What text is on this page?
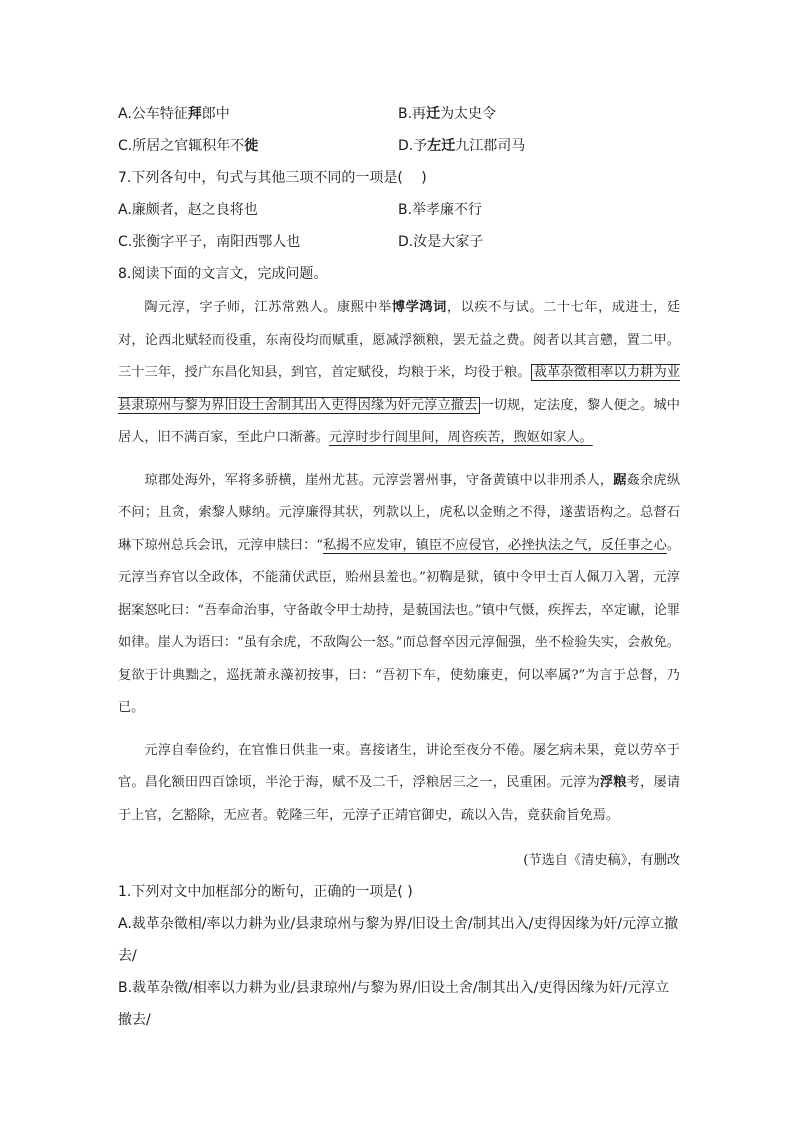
A.公车特征拜郎中	B.再迁为太史令
C.所居之官辄积年不徙	D.予左迁九江郡司马
7.下列各句中，句式与其他三项不同的一项是(　 )
A.廉颇者，赵之良将也	B.举孝廉不行
C.张衡字平子，南阳西鄂人也	D.汝是大家子
8.阅读下面的文言文，完成问题。

陶元淳，字子师，江苏常熟人。康熙中举博学鸿词，以疾不与试。二十七年，成进士，廷对，论西北赋轻而役重，东南役均而赋重，愿减浮额粮，罢无益之费。阅者以其言戆，置二甲。三十三年，授广东昌化知县，到官，首定赋役，均粮于米，均役于粮。 裁革杂徵相率以力耕为业县隶琼州与黎为界旧设土舍制其出入吏得因缘为奸元淳立撤去 一切规，定法度，黎人便之。城中居人，旧不满百家，至此户口渐蕃。元淳时步行闾里间，周咨疾苦，煦妪如家人。

琼郡处海外，军将多骄横，崖州尤甚。元淳尝署州事，守备黄镇中以非刑杀人，踞姦余虎纵不问；且贪，索黎人赇纳。元淳廉得其状，列款以上，虎私以金贿之不得，遂蜚语构之。总督石琳下琼州总兵会讯，元淳申牍曰：“私揭不应发审，镇臣不应侵官，必挫执法之气，反任事之心。元淳当弃官以全政体，不能蒲伏武臣，贻州县羞也。”初鞫是狱，镇中令甲士百人佩刀入署，元淳据案怒叱曰：“吾奉命治事，守备敢令甲士劫持，是藐国法也。”镇中气慑，疾挥去，卒定谳，论罪如律。崖人为语曰：“虽有余虎，不敌陶公一怒。”而总督卒因元淳倔强，坐不检验失实，会赦免。复欲于计典黜之，巡抚萧永藻初按事，曰：“吾初下车，使劾廉吏，何以率属?”为言于总督，乃已。

元淳自奉俭约，在官惟日供韭一束。喜接诸生，讲论至夜分不倦。屡乞病未果，竟以劳卒于官。昌化额田四百馀顷，半沦于海，赋不及二千，浮粮居三之一，民重困。元淳为浮粮考，屡请于上官，乞豁除，无应者。乾隆三年，元淳子正靖官御史，疏以入告，竟获俞旨免焉。

(节选自《清史稿》，有删改
1.下列对文中加框部分的断句，正确的一项是( )
A.裁革杂徵相/率以力耕为业/县隶琼州与黎为界/旧设土舍/制其出入/吏得因缘为奸/元淳立撤去/
B.裁革杂徵/相率以力耕为业/县隶琼州/与黎为界/旧设土舍/制其出入/吏得因缘为奸/元淳立撤去/
